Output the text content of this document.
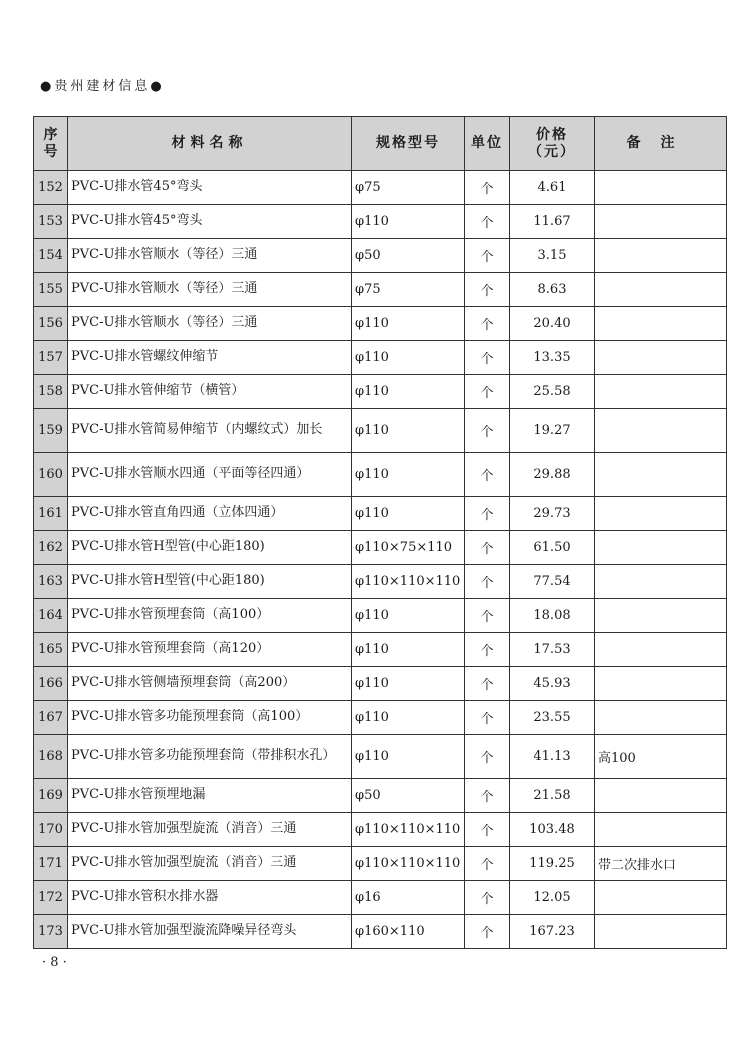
●贵州建材信息●
序号	材料名称	规格型号	单位	价格（元）	备注
152	PVC-U排水管45°弯头	φ75	个	4.61	
153	PVC-U排水管45°弯头	φ110	个	11.67	
154	PVC-U排水管顺水（等径）三通	φ50	个	3.15	
155	PVC-U排水管顺水（等径）三通	φ75	个	8.63	
156	PVC-U排水管顺水（等径）三通	φ110	个	20.40	
157	PVC-U排水管螺纹伸缩节	φ110	个	13.35	
158	PVC-U排水管伸缩节（横管）	φ110	个	25.58	
159	PVC-U排水管简易伸缩节（内螺纹式）加长	φ110	个	19.27	
160	PVC-U排水管顺水四通（平面等径四通）	φ110	个	29.88	
161	PVC-U排水管直角四通（立体四通）	φ110	个	29.73	
162	PVC-U排水管H型管(中心距180)	φ110×75×110	个	61.50	
163	PVC-U排水管H型管(中心距180)	φ110×110×110	个	77.54	
164	PVC-U排水管预埋套筒（高100）	φ110	个	18.08	
165	PVC-U排水管预埋套筒（高120）	φ110	个	17.53	
166	PVC-U排水管侧墙预埋套筒（高200）	φ110	个	45.93	
167	PVC-U排水管多功能预埋套筒（高100）	φ110	个	23.55	
168	PVC-U排水管多功能预埋套筒（带排积水孔）	φ110	个	41.13	高100
169	PVC-U排水管预埋地漏	φ50	个	21.58	
170	PVC-U排水管加强型旋流（消音）三通	φ110×110×110	个	103.48	
171	PVC-U排水管加强型旋流（消音）三通	φ110×110×110	个	119.25	带二次排水口
172	PVC-U排水管积水排水器	φ16	个	12.05	
173	PVC-U排水管加强型漩流降噪异径弯头	φ160×110	个	167.23	
· 8 ·
